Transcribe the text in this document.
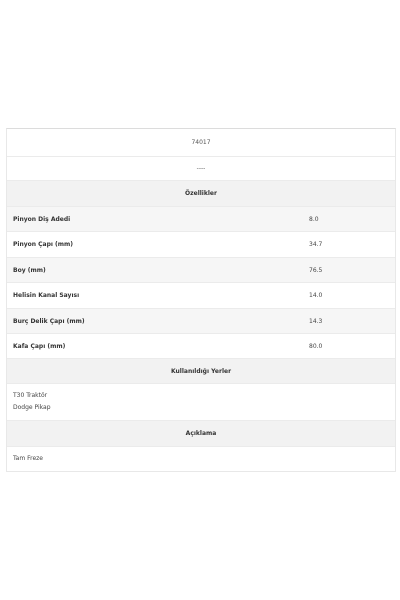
74017
----
Özellikler
Pinyon Diş Adedi	8.0
Pinyon Çapı (mm)	34.7
Boy (mm)	76.5
Helisin Kanal Sayısı	14.0
Burç Delik Çapı (mm)	14.3
Kafa Çapı (mm)	80.0
Kullanıldığı Yerler
T30 Traktör
Dodge Pikap
Açıklama
Tam Freze
